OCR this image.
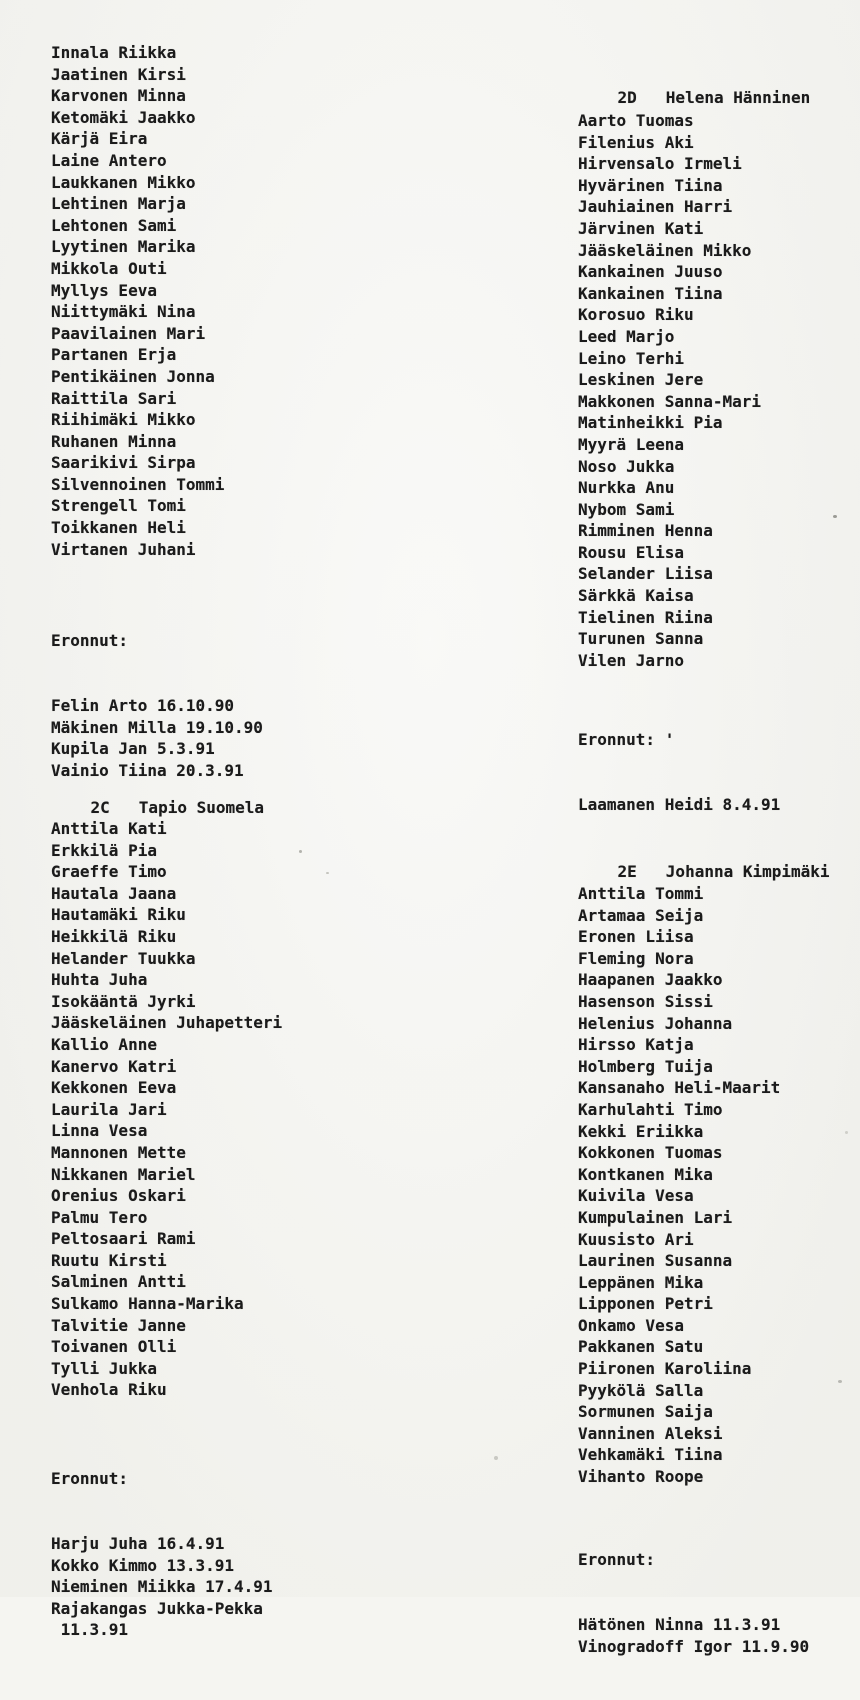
Innala Riikka
Jaatinen Kirsi
Karvonen Minna
Ketomäki Jaakko
Kärjä Eira
Laine Antero
Laukkanen Mikko
Lehtinen Marja
Lehtonen Sami
Lyytinen Marika
Mikkola Outi
Myllys Eeva
Niittymäki Nina
Paavilainen Mari
Partanen Erja
Pentikäinen Jonna
Raittila Sari
Riihimäki Mikko
Ruhanen Minna
Saarikivi Sirpa
Silvennoinen Tommi
Strengell Tomi
Toikkanen Heli
Virtanen Juhani

Eronnut:

Felin Arto 16.10.90
Mäkinen Milla 19.10.90
Kupila Jan 5.3.91
Vainio Tiina 20.3.91

2C Tapio Suomela

Anttila Kati
Erkkilä Pia
Graeffe Timo
Hautala Jaana
Hautamäki Riku
Heikkilä Riku
Helander Tuukka
Huhta Juha
Isokääntä Jyrki
Jääskeläinen Juhapetteri
Kallio Anne
Kanervo Katri
Kekkonen Eeva
Laurila Jari
Linna Vesa
Mannonen Mette
Nikkanen Mariel
Orenius Oskari
Palmu Tero
Peltosaari Rami
Ruutu Kirsti
Salminen Antti
Sulkamo Hanna-Marika
Talvitie Janne
Toivanen Olli
Tylli Jukka
Venhola Riku

Eronnut:

Harju Juha 16.4.91
Kokko Kimmo 13.3.91
Nieminen Miikka 17.4.91
Rajakangas Jukka-Pekka
11.3.91

2D Helena Hänninen

Aarto Tuomas
Filenius Aki
Hirvensalo Irmeli
Hyvärinen Tiina
Jauhiainen Harri
Järvinen Kati
Jääskeläinen Mikko
Kankainen Juuso
Kankainen Tiina
Korosuo Riku
Leed Marjo
Leino Terhi
Leskinen Jere
Makkonen Sanna-Mari
Matinheikki Pia
Myyrä Leena
Noso Jukka
Nurkka Anu
Nybom Sami
Rimminen Henna
Rousu Elisa
Selander Liisa
Särkkä Kaisa
Tielinen Riina
Turunen Sanna
Vilen Jarno

Eronnut: '

Laamanen Heidi 8.4.91

2E Johanna Kimpimäki

Anttila Tommi
Artamaa Seija
Eronen Liisa
Fleming Nora
Haapanen Jaakko
Hasenson Sissi
Helenius Johanna
Hirsso Katja
Holmberg Tuija
Kansanaho Heli-Maarit
Karhulahti Timo
Kekki Eriikka
Kokkonen Tuomas
Kontkanen Mika
Kuivila Vesa
Kumpulainen Lari
Kuusisto Ari
Laurinen Susanna
Leppänen Mika
Lipponen Petri
Onkamo Vesa
Pakkanen Satu
Piironen Karoliina
Pyykölä Salla
Sormunen Saija
Vanninen Aleksi
Vehkamäki Tiina
Vihanto Roope

Eronnut:

Hätönen Ninna 11.3.91
Vinogradoff Igor 11.9.90
